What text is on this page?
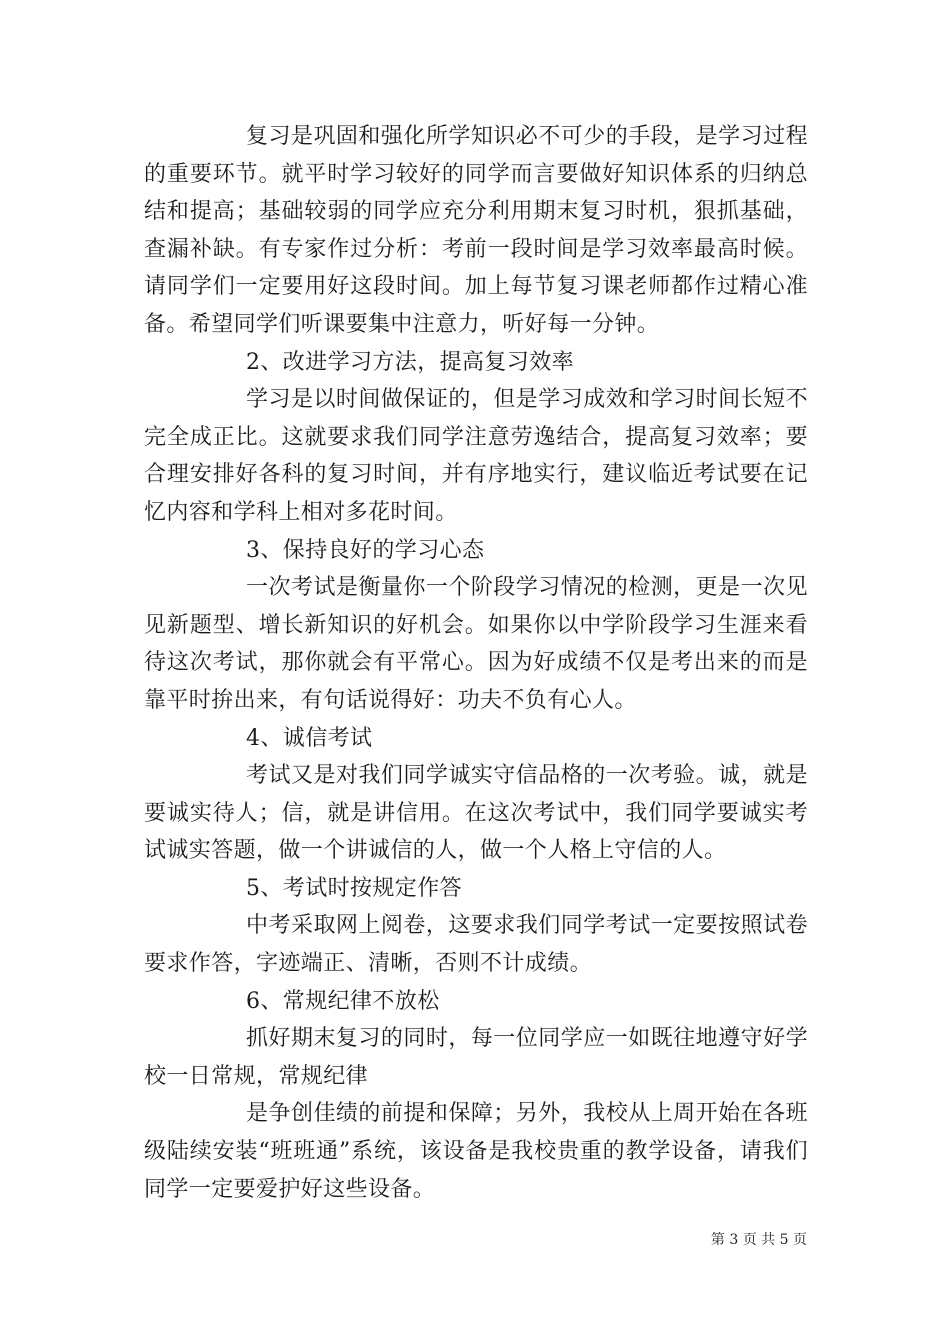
复习是巩固和强化所学知识必不可少的手段，是学习过程的重要环节。就平时学习较好的同学而言要做好知识体系的归纳总结和提高；基础较弱的同学应充分利用期末复习时机，狠抓基础，查漏补缺。有专家作过分析：考前一段时间是学习效率最高时候。请同学们一定要用好这段时间。加上每节复习课老师都作过精心准备。希望同学们听课要集中注意力，听好每一分钟。

2、改进学习方法，提高复习效率

学习是以时间做保证的，但是学习成效和学习时间长短不完全成正比。这就要求我们同学注意劳逸结合，提高复习效率；要合理安排好各科的复习时间，并有序地实行，建议临近考试要在记忆内容和学科上相对多花时间。

3、保持良好的学习心态

一次考试是衡量你一个阶段学习情况的检测，更是一次见见新题型、增长新知识的好机会。如果你以中学阶段学习生涯来看待这次考试，那你就会有平常心。因为好成绩不仅是考出来的而是靠平时拚出来，有句话说得好：功夫不负有心人。

4、诚信考试

考试又是对我们同学诚实守信品格的一次考验。诚，就是要诚实待人；信，就是讲信用。在这次考试中，我们同学要诚实考试诚实答题，做一个讲诚信的人，做一个人格上守信的人。

5、考试时按规定作答

中考采取网上阅卷，这要求我们同学考试一定要按照试卷要求作答，字迹端正、清晰，否则不计成绩。

6、常规纪律不放松

抓好期末复习的同时，每一位同学应一如既往地遵守好学校一日常规，常规纪律

是争创佳绩的前提和保障；另外，我校从上周开始在各班级陆续安装“班班通”系统，该设备是我校贵重的教学设备，请我们同学一定要爱护好这些设备。

第 3 页 共 5 页
